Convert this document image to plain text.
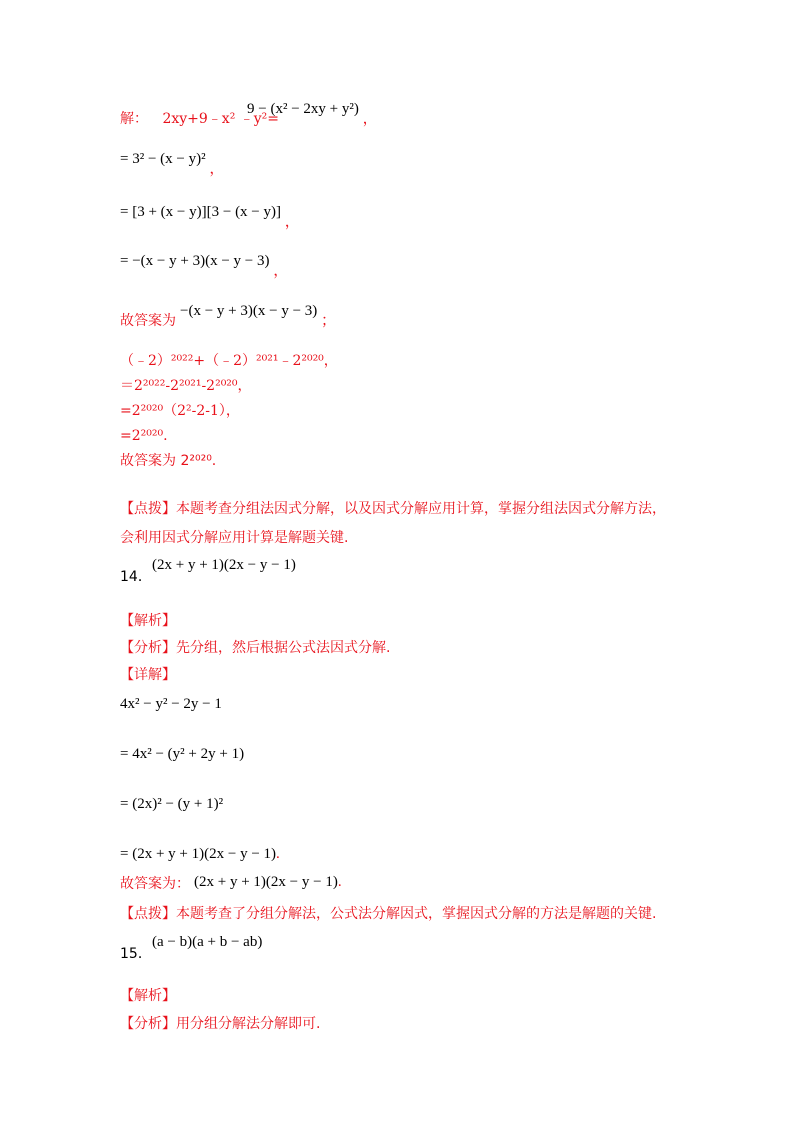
解： 2xy+9﹣x² ﹣y²=
9 − (x² − 2xy + y²) ，
= 3² − (x − y)² ，
= [3 + (x − y)][3 − (x − y)] ，
= −(x − y + 3)(x − y − 3) ，
故答案为
−(x − y + 3)(x − y − 3) ；
（﹣2）²⁰²²+（﹣2）²⁰²¹﹣2²⁰²⁰，
＝2²⁰²²-2²⁰²¹-2²⁰²⁰，
=2²⁰²⁰（2²-2-1），
=2²⁰²⁰.
故答案为 2²⁰²⁰.
【点拨】本题考查分组法因式分解，以及因式分解应用计算，掌握分组法因式分解方法，
会利用因式分解应用计算是解题关键.
14．
(2x + y + 1)(2x − y − 1)
【解析】
【分析】先分组，然后根据公式法因式分解.
【详解】
4x² − y² − 2y − 1
= 4x² − (y² + 2y + 1)
= (2x)² − (y + 1)²
= (2x + y + 1)(2x − y − 1).
故答案为： (2x + y + 1)(2x − y − 1).
【点拨】本题考查了分组分解法，公式法分解因式，掌握因式分解的方法是解题的关键.
15．
(a − b)(a + b − ab)
【解析】
【分析】用分组分解法分解即可.
